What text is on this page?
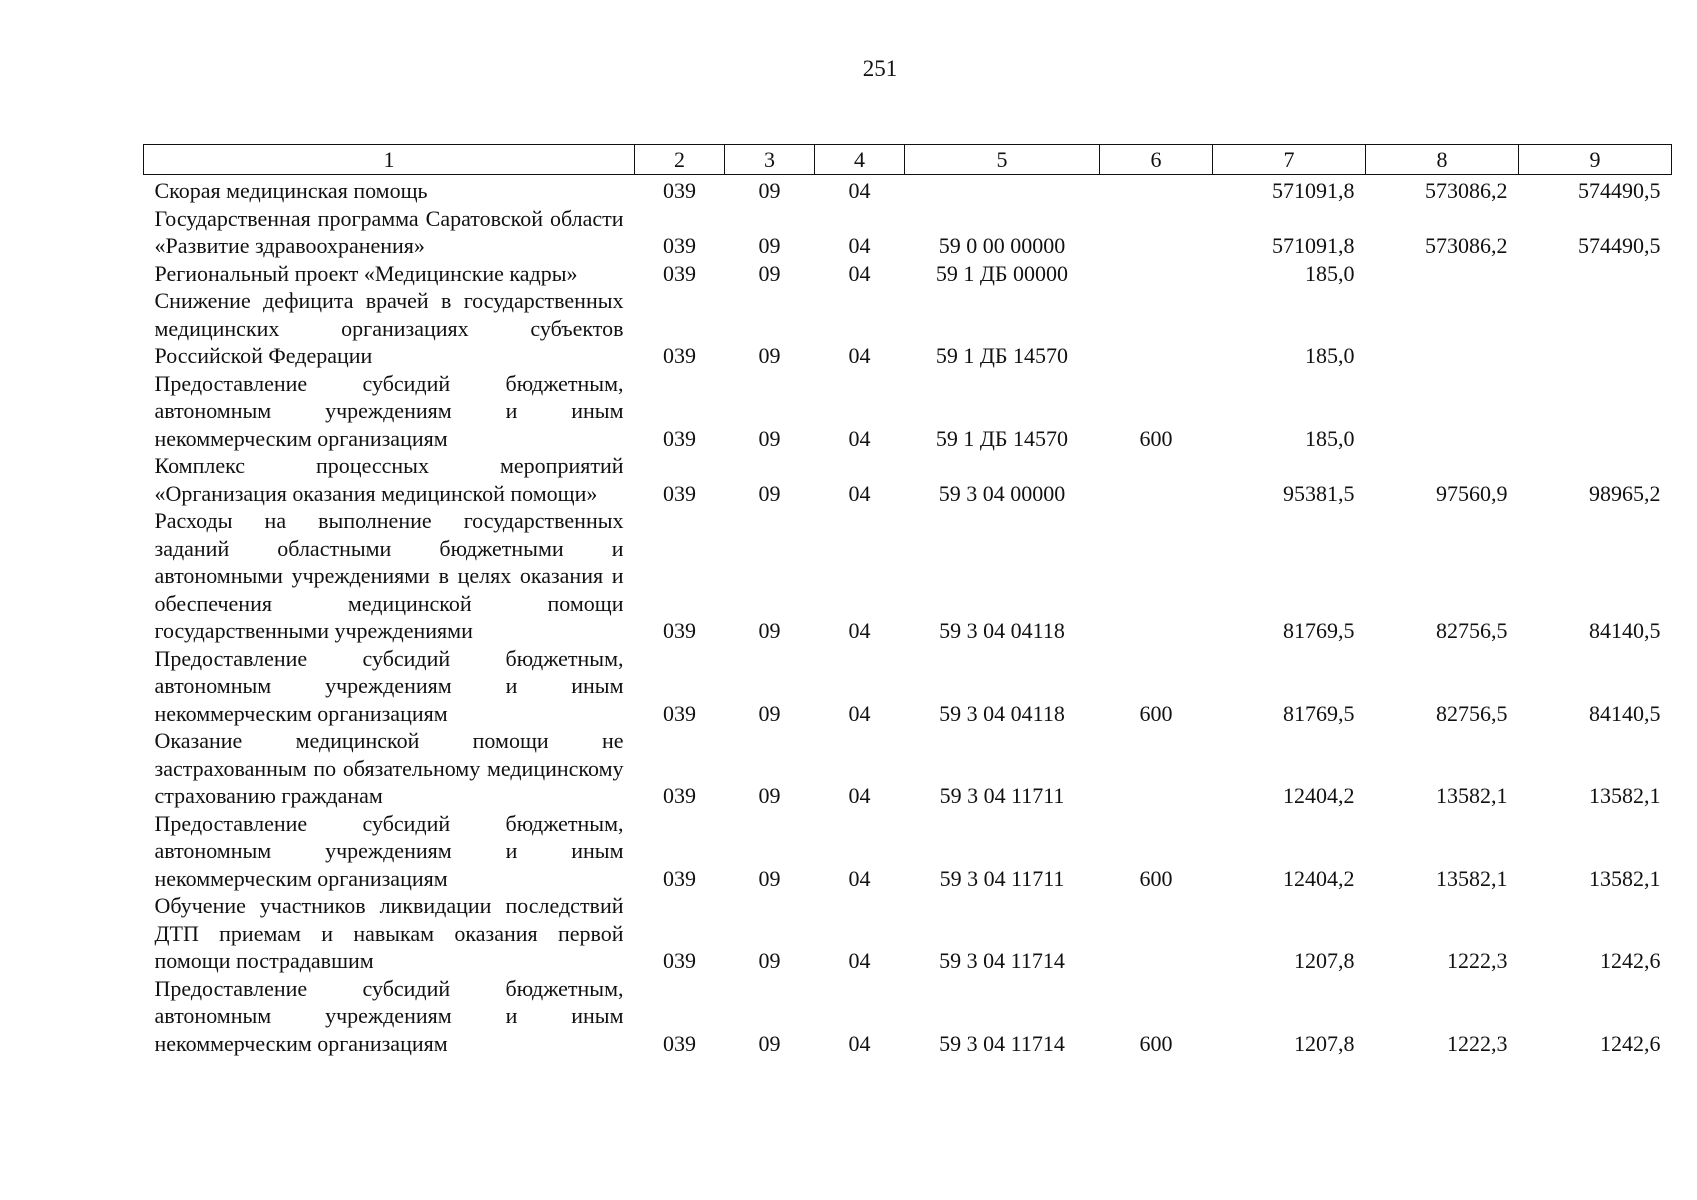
251
1	2	3	4	5	6	7	8	9
Скорая медицинская помощь	039	09	04			571091,8	573086,2	574490,5
Государственная программа Саратовской области «Развитие здравоохранения»	039	09	04	59 0 00 00000		571091,8	573086,2	574490,5
Региональный проект «Медицинские кадры»	039	09	04	59 1 ДБ 00000		185,0		
Снижение дефицита врачей в государственных медицинских организациях субъектов Российской Федерации	039	09	04	59 1 ДБ 14570		185,0		
Предоставление субсидий бюджетным, автономным учреждениям и иным некоммерческим организациям	039	09	04	59 1 ДБ 14570	600	185,0		
Комплекс процессных мероприятий «Организация оказания медицинской помощи»	039	09	04	59 3 04 00000		95381,5	97560,9	98965,2
Расходы на выполнение государственных заданий областными бюджетными и автономными учреждениями в целях оказания и обеспечения медицинской помощи государственными учреждениями	039	09	04	59 3 04 04118		81769,5	82756,5	84140,5
Предоставление субсидий бюджетным, автономным учреждениям и иным некоммерческим организациям	039	09	04	59 3 04 04118	600	81769,5	82756,5	84140,5
Оказание медицинской помощи не застрахованным по обязательному медицинскому страхованию гражданам	039	09	04	59 3 04 11711		12404,2	13582,1	13582,1
Предоставление субсидий бюджетным, автономным учреждениям и иным некоммерческим организациям	039	09	04	59 3 04 11711	600	12404,2	13582,1	13582,1
Обучение участников ликвидации последствий ДТП приемам и навыкам оказания первой помощи пострадавшим	039	09	04	59 3 04 11714		1207,8	1222,3	1242,6
Предоставление субсидий бюджетным, автономным учреждениям и иным некоммерческим организациям	039	09	04	59 3 04 11714	600	1207,8	1222,3	1242,6
